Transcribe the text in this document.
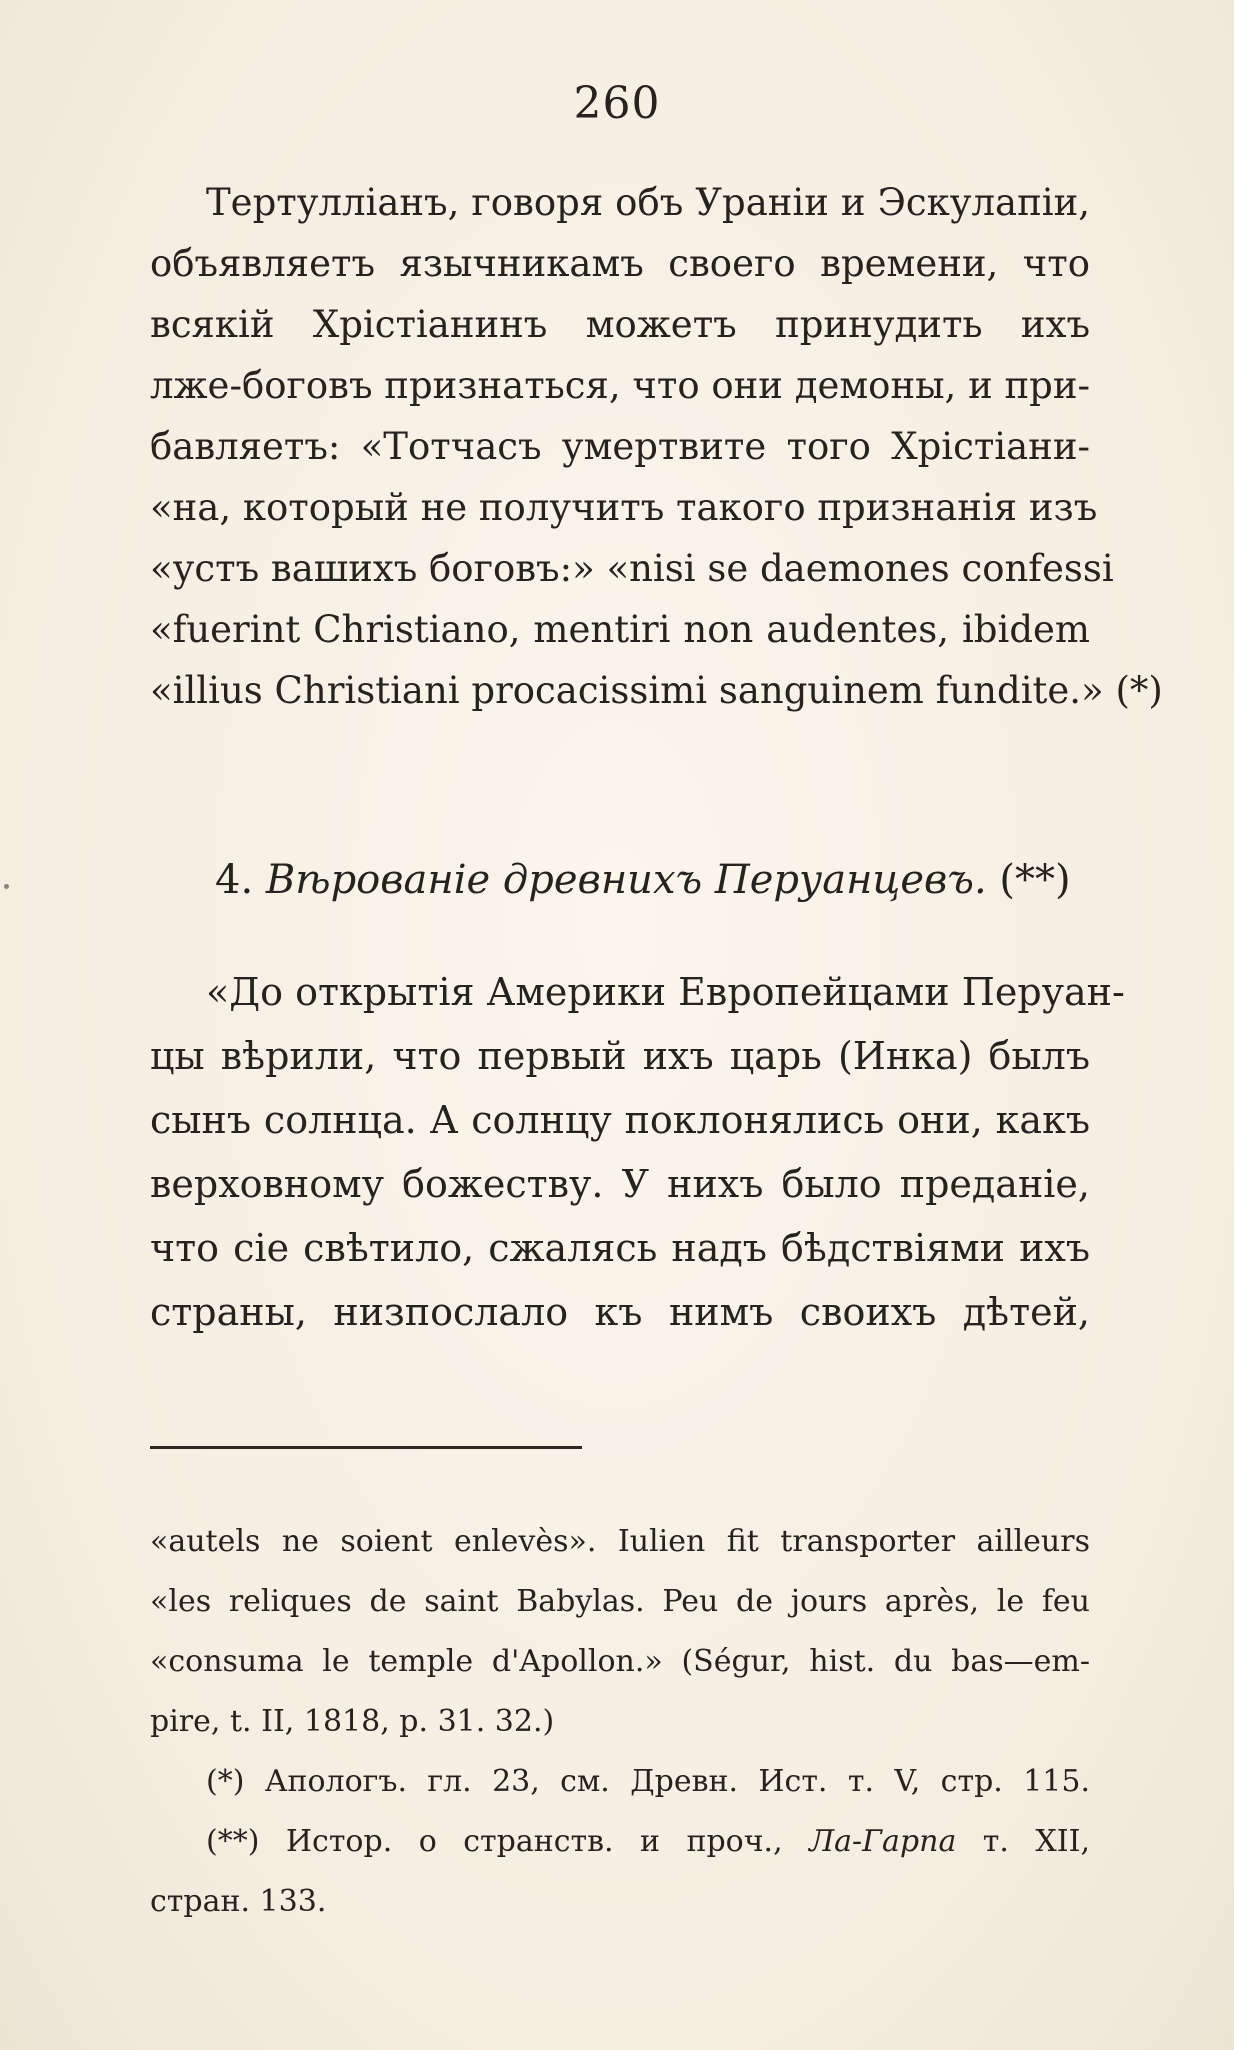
260
Тертулліанъ, говоря объ Ураніи и Эскулапіи,
объявляетъ язычникамъ своего времени, что
всякій Хрістіанинъ можетъ принудить ихъ
лже-боговъ признаться, что они демоны, и при-
бавляетъ: «Тотчасъ умертвите того Хрістіани-
«на, который не получитъ такого признанія изъ
«устъ вашихъ боговъ:» «nisi se daemones confessi
«fuerint Christiano, mentiri non audentes, ibidem
«illius Christiani procacissimi sanguinem fundite.» (*)
4. Вѣрованіе древнихъ Перуанцевъ. (**)
«До открытія Америки Европейцами Перуан-
цы вѣрили, что первый ихъ царь (Инка) былъ
сынъ солнца. А солнцу поклонялись они, какъ
верховному божеству. У нихъ было преданіе,
что сіе свѣтило, сжалясь надъ бѣдствіями ихъ
страны, низпослало къ нимъ своихъ дѣтей,
«autels ne soient enlevès». Iulien fit transporter ailleurs
«les reliques de saint Babylas. Peu de jours après, le feu
«consuma le temple d'Apollon.» (Ségur, hist. du bas—em-
pire, t. II, 1818, p. 31. 32.)
(*) Апологъ. гл. 23, см. Древн. Ист. т. V, стр. 115.
(**) Истор. о странств. и проч., Ла-Гарпа т. XII,
стран. 133.
